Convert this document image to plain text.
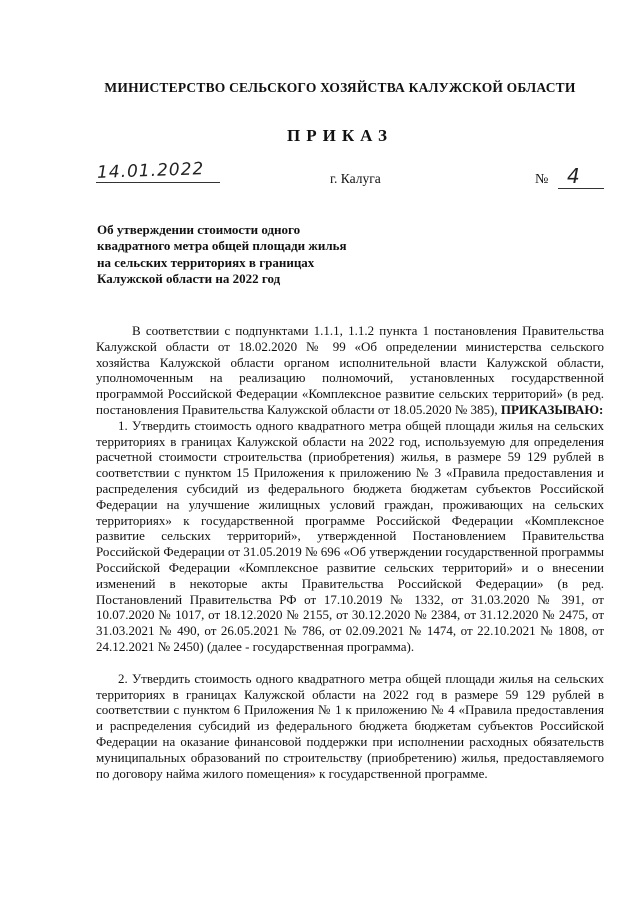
МИНИСТЕРСТВО СЕЛЬСКОГО ХОЗЯЙСТВА КАЛУЖСКОЙ ОБЛАСТИ
ПРИКАЗ
14.01.2022	г. Калуга	№ 4
Об утверждении стоимости одного квадратного метра общей площади жилья на сельских территориях в границах Калужской области на 2022 год

В соответствии с подпунктами 1.1.1, 1.1.2 пункта 1 постановления Правительства Калужской области от 18.02.2020 № 99 «Об определении министерства сельского хозяйства Калужской области органом исполнительной власти Калужской области, уполномоченным на реализацию полномочий, установленных государственной программой Российской Федерации «Комплексное развитие сельских территорий» (в ред. постановления Правительства Калужской области от 18.05.2020 № 385), ПРИКАЗЫВАЮ:

1. Утвердить стоимость одного квадратного метра общей площади жилья на сельских территориях в границах Калужской области на 2022 год, используемую для определения расчетной стоимости строительства (приобретения) жилья, в размере 59 129 рублей в соответствии с пунктом 15 Приложения к приложению № 3 «Правила предоставления и распределения субсидий из федерального бюджета бюджетам субъектов Российской Федерации на улучшение жилищных условий граждан, проживающих на сельских территориях» к государственной программе Российской Федерации «Комплексное развитие сельских территорий», утвержденной Постановлением Правительства Российской Федерации от 31.05.2019 № 696 «Об утверждении государственной программы Российской Федерации «Комплексное развитие сельских территорий» и о внесении изменений в некоторые акты Правительства Российской Федерации» (в ред. Постановлений Правительства РФ от 17.10.2019 № 1332, от 31.03.2020 № 391, от 10.07.2020 № 1017, от 18.12.2020 № 2155, от 30.12.2020 № 2384, от 31.12.2020 № 2475, от 31.03.2021 № 490, от 26.05.2021 № 786, от 02.09.2021 № 1474, от 22.10.2021 № 1808, от 24.12.2021 № 2450) (далее - государственная программа).

2. Утвердить стоимость одного квадратного метра общей площади жилья на сельских территориях в границах Калужской области на 2022 год в размере 59 129 рублей в соответствии с пунктом 6 Приложения № 1 к приложению № 4 «Правила предоставления и распределения субсидий из федерального бюджета бюджетам субъектов Российской Федерации на оказание финансовой поддержки при исполнении расходных обязательств муниципальных образований по строительству (приобретению) жилья, предоставляемого по договору найма жилого помещения» к государственной программе.
